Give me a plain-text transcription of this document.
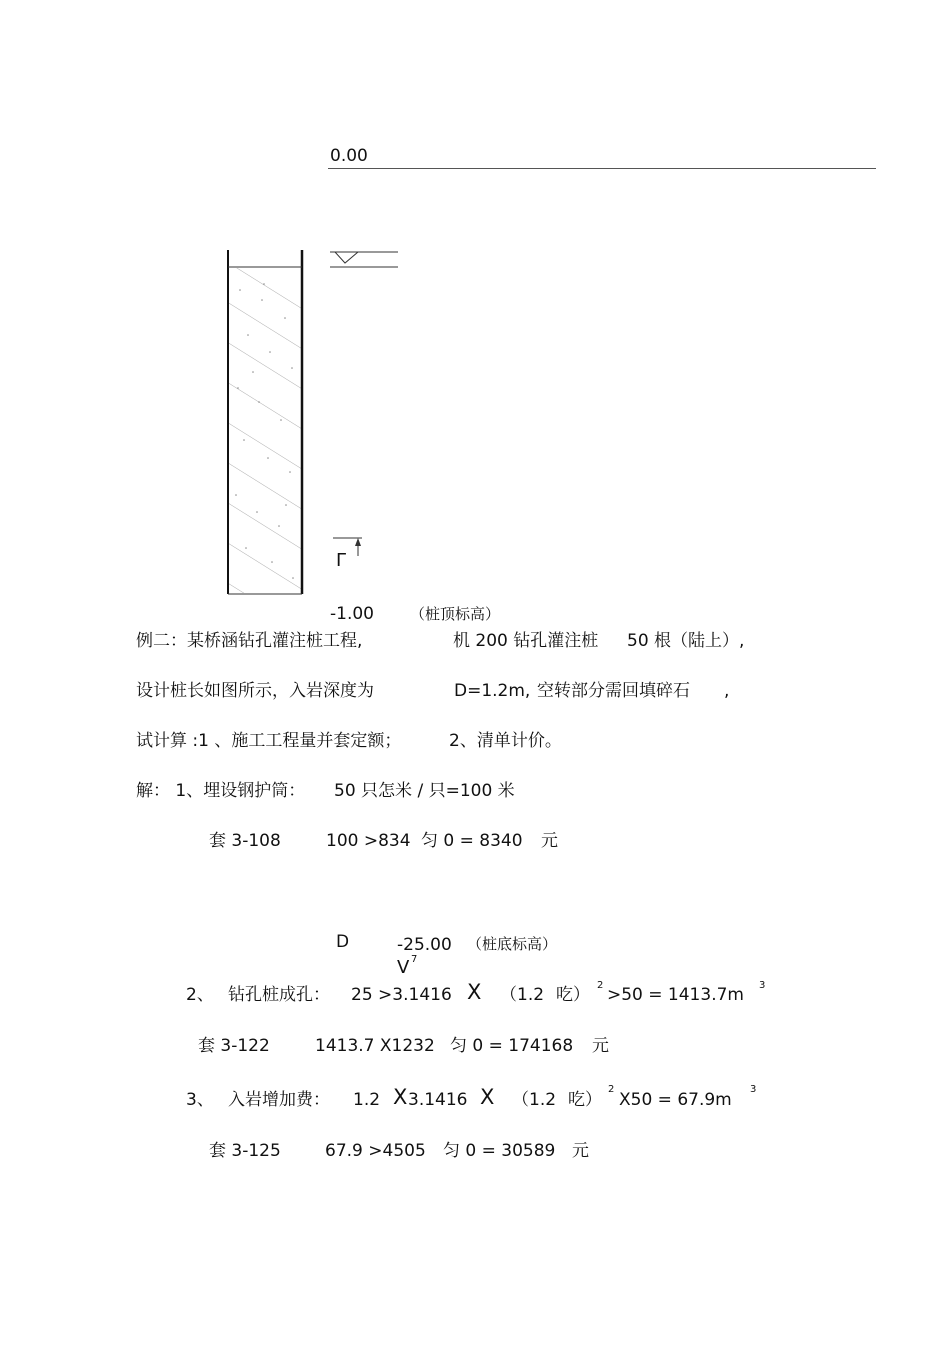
0.00
Γ
-1.00 （桩顶标高）
例二：某桥涵钻孔灌注桩工程,	机 200 钻孔灌注桩 50 根（陆上）,
设计桩长如图所示，入岩深度为	D=1.2m, 空转部分需回填碎石 ,
试计算 :1 、施工工程量并套定额；	2、清单计价。
解： 1、埋设钢护筒： 50 只怎米 / 只=100 米
套 3-108	100 >834 匀 0 = 8340 元
D	-25.00 （桩底标高）
V 7
2、 钻孔桩成孔： 25 >3.1416 X （1.2 吃） 2 >50 = 1413.7m 3
套 3-122	1413.7 X1232 匀 0 = 174168 元
3、 入岩增加费： 1.2 X 3.1416 X （1.2 吃）
2
X50 = 67.9m
3
套 3-125	67.9 >4505 匀 0 = 30589 元
